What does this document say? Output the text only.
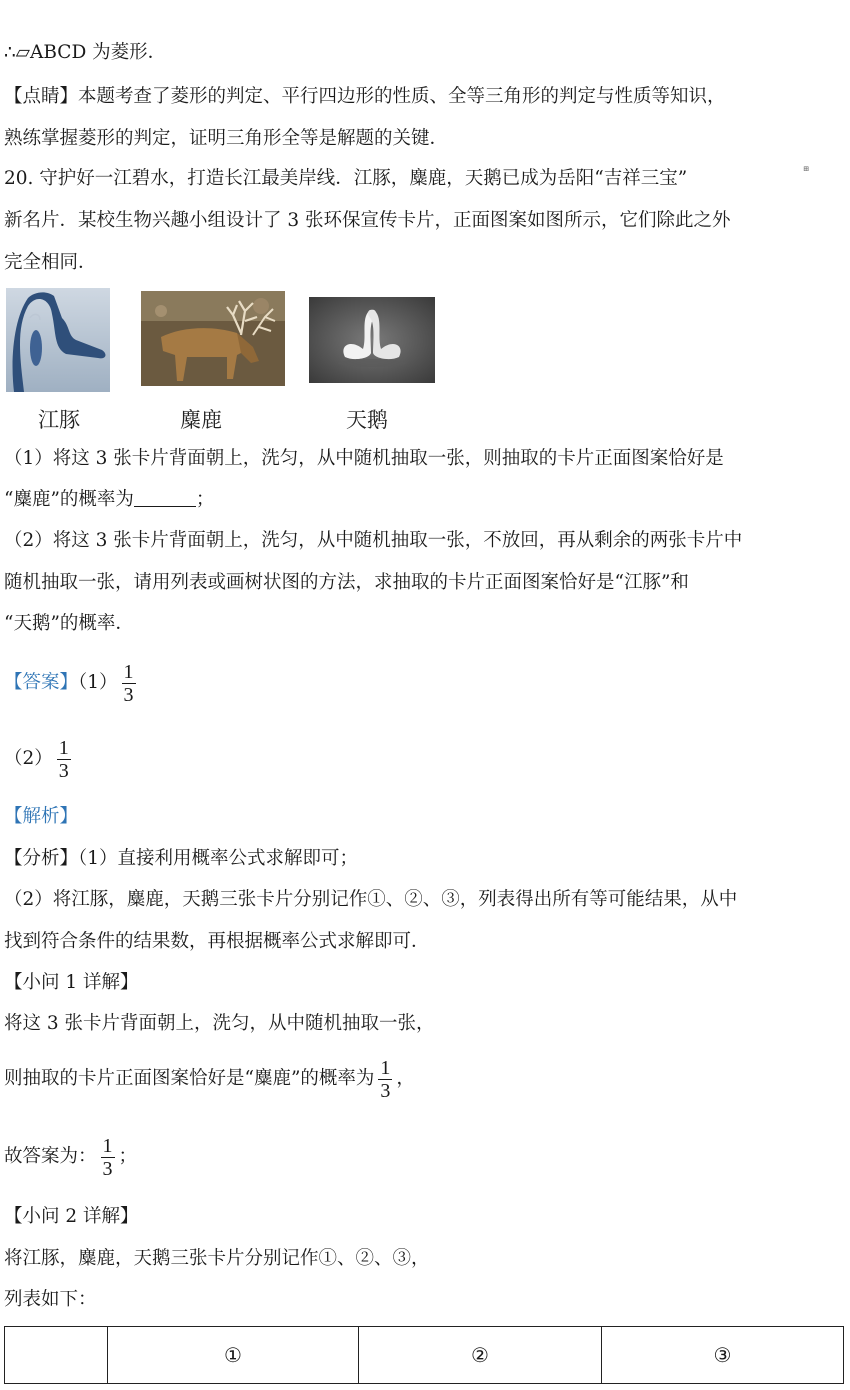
∴▱ABCD 为菱形．
【点睛】本题考查了菱形的判定、平行四边形的性质、全等三角形的判定与性质等知识，
熟练掌握菱形的判定，证明三角形全等是解题的关键．
20. 守护好一江碧水，打造长江最美岸线．江豚，麋鹿，天鹅已成为岳阳“吉祥三宝”	⊞
新名片．某校生物兴趣小组设计了 3 张环保宣传卡片，正面图案如图所示，它们除此之外
完全相同．
江豚	麋鹿	天鹅
（1）将这 3 张卡片背面朝上，洗匀，从中随机抽取一张，则抽取的卡片正面图案恰好是
“麋鹿”的概率为	；
（2）将这 3 张卡片背面朝上，洗匀，从中随机抽取一张，不放回，再从剩余的两张卡片中
随机抽取一张，请用列表或画树状图的方法，求抽取的卡片正面图案恰好是“江豚”和
“天鹅”的概率．
【答案】$(1) \frac{1}{3}$
$(2) \frac{1}{3}$
【解析】
【分析】（1）直接利用概率公式求解即可；
（2）将江豚，麋鹿，天鹅三张卡片分别记作①、②、③，列表得出所有等可能结果，从中
找到符合条件的结果数，再根据概率公式求解即可．
【小问 1 详解】
将这 3 张卡片背面朝上，洗匀，从中随机抽取一张，
则抽取的卡片正面图案恰好是“麋鹿”的概率为 $\frac{1}{3}$ ，
故答案为： $\frac{1}{3}$ ；
【小问 2 详解】
将江豚，麋鹿，天鹅三张卡片分别记作①、②、③，
列表如下：
	①	②	③
